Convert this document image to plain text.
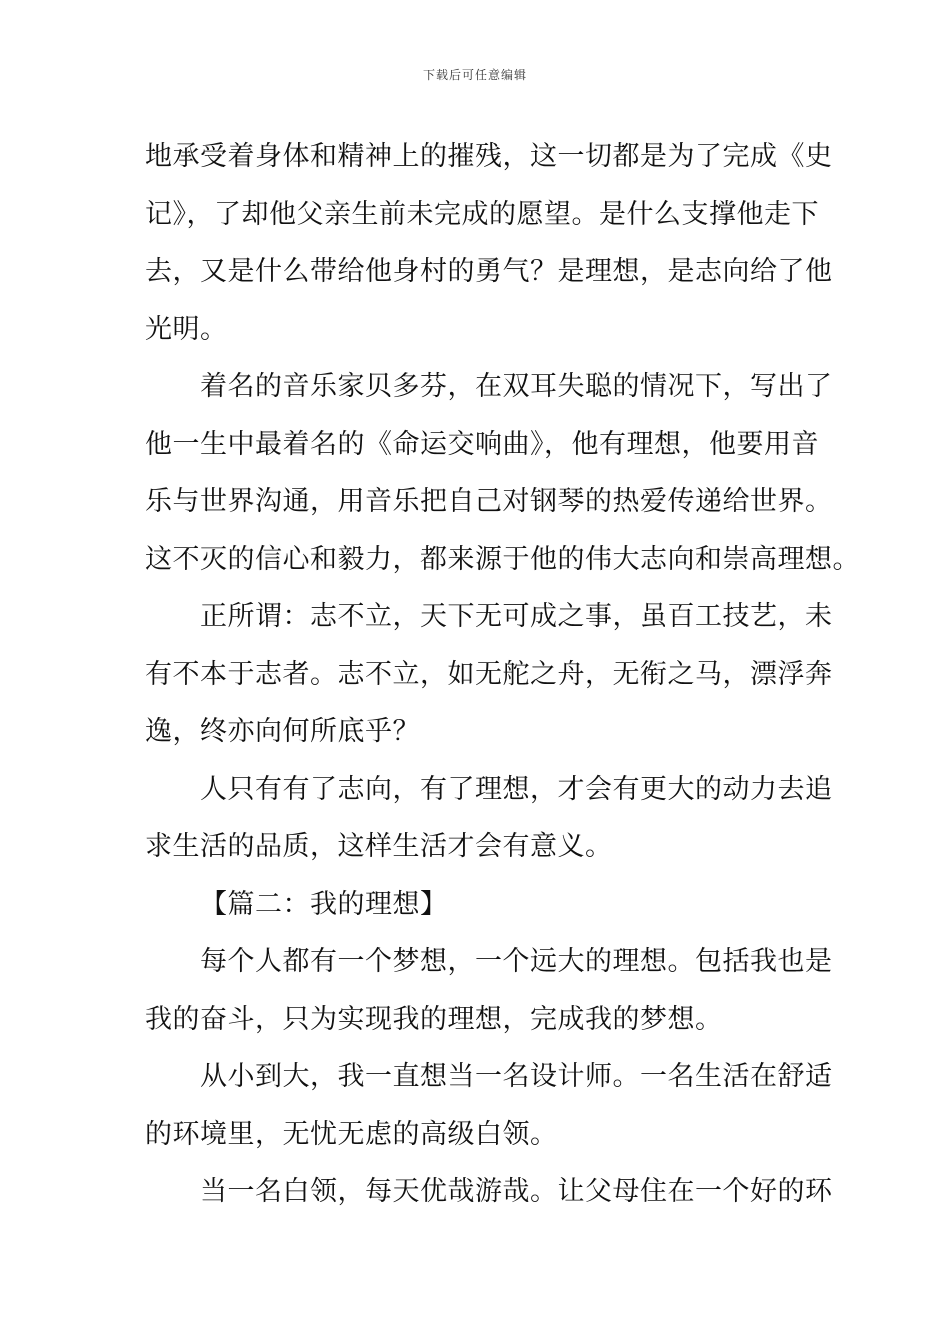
下载后可任意编辑
地承受着身体和精神上的摧残，这一切都是为了完成《史
记》，了却他父亲生前未完成的愿望。是什么支撑他走下
去，又是什么带给他身村的勇气？是理想，是志向给了他
光明。
着名的音乐家贝多芬，在双耳失聪的情况下，写出了
他一生中最着名的《命运交响曲》，他有理想，他要用音
乐与世界沟通，用音乐把自己对钢琴的热爱传递给世界。
这不灭的信心和毅力，都来源于他的伟大志向和崇高理想。
正所谓：志不立，天下无可成之事，虽百工技艺，未
有不本于志者。志不立，如无舵之舟，无衔之马，漂浮奔
逸，终亦向何所底乎？
人只有有了志向，有了理想，才会有更大的动力去追
求生活的品质，这样生活才会有意义。
【篇二：我的理想】
每个人都有一个梦想，一个远大的理想。包括我也是
我的奋斗，只为实现我的理想，完成我的梦想。
从小到大，我一直想当一名设计师。一名生活在舒适
的环境里，无忧无虑的高级白领。
当一名白领，每天优哉游哉。让父母住在一个好的环
